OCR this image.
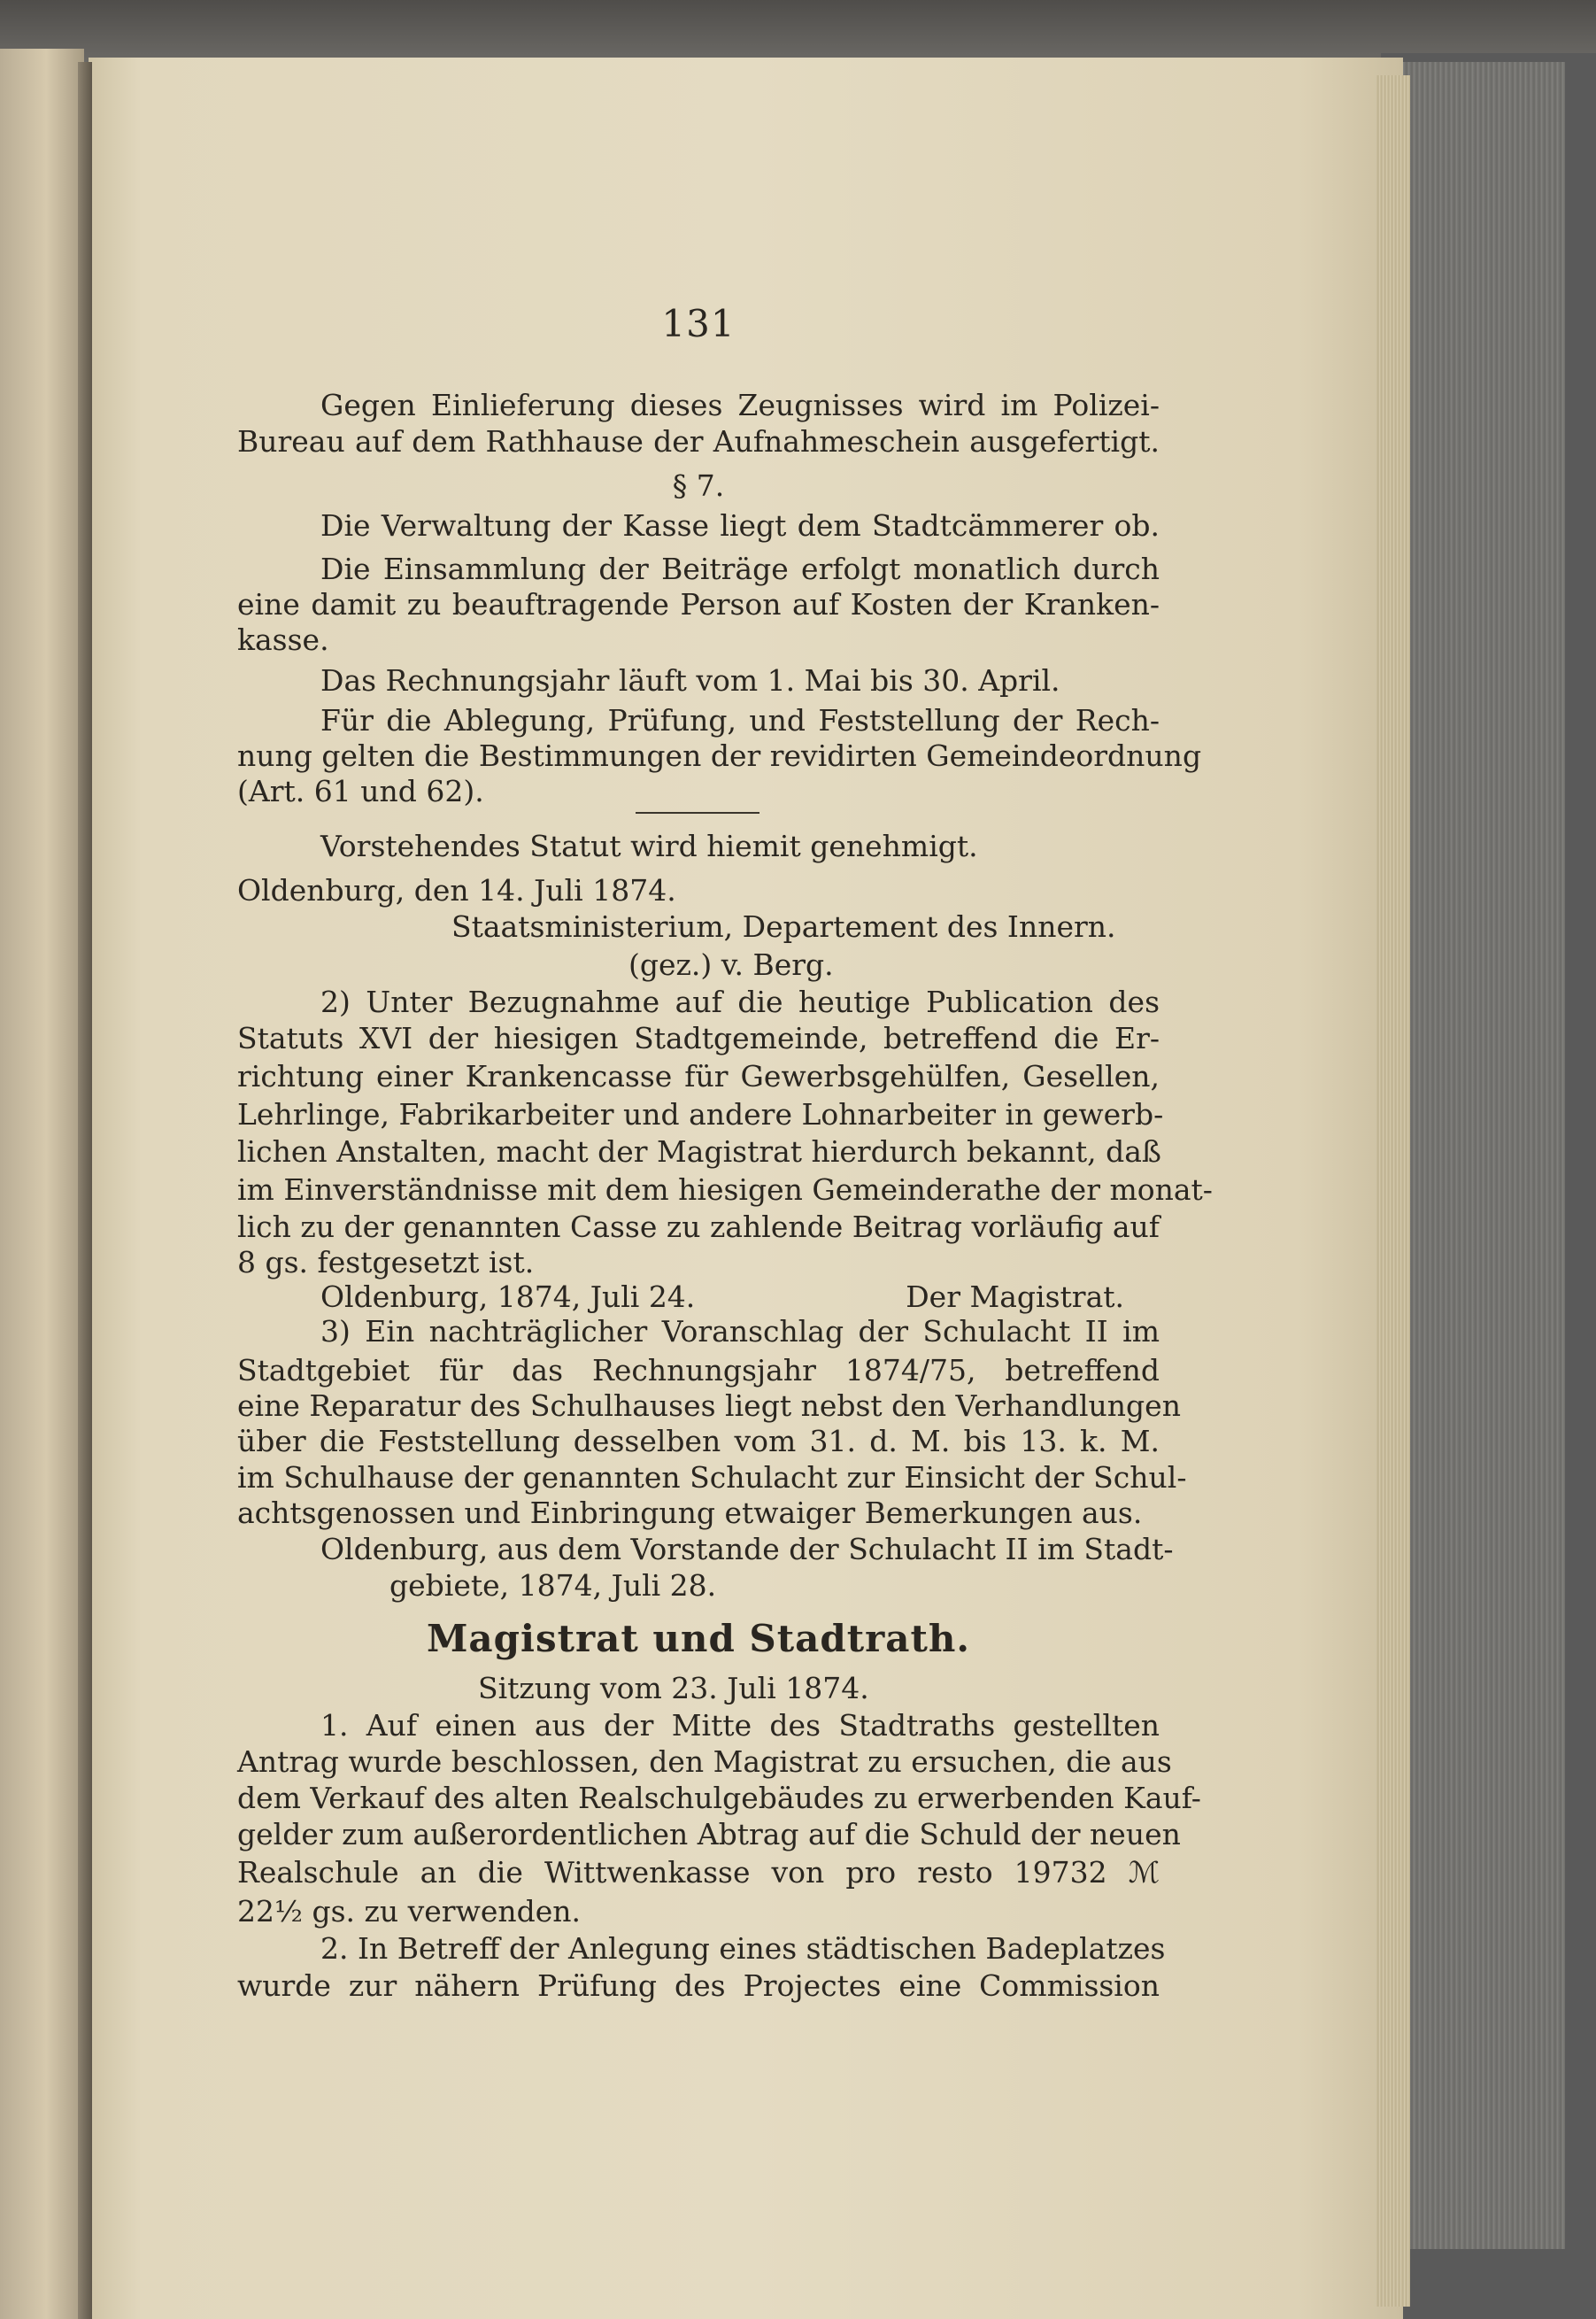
131
Gegen Einlieferung dieses Zeugnisses wird im Polizei-
Bureau auf dem Rathhause der Aufnahmeschein ausgefertigt.
§ 7.
Die Verwaltung der Kasse liegt dem Stadtcämmerer ob.
Die Einsammlung der Beiträge erfolgt monatlich durch
eine damit zu beauftragende Person auf Kosten der Kranken-
kasse.
Das Rechnungsjahr läuft vom 1. Mai bis 30. April.
Für die Ablegung, Prüfung, und Feststellung der Rech-
nung gelten die Bestimmungen der revidirten Gemeindeordnung
(Art. 61 und 62).
Vorstehendes Statut wird hiemit genehmigt.
Oldenburg, den 14. Juli 1874.
Staatsministerium, Departement des Innern.
(gez.) v. Berg.
2) Unter Bezugnahme auf die heutige Publication des
Statuts XVI der hiesigen Stadtgemeinde, betreffend die Er-
richtung einer Krankencasse für Gewerbsgehülfen, Gesellen,
Lehrlinge, Fabrikarbeiter und andere Lohnarbeiter in gewerb-
lichen Anstalten, macht der Magistrat hierdurch bekannt, daß
im Einverständnisse mit dem hiesigen Gemeinderathe der monat-
lich zu der genannten Casse zu zahlende Beitrag vorläufig auf
8 gs. festgesetzt ist.
Oldenburg, 1874, Juli 24.	Der Magistrat.
3) Ein nachträglicher Voranschlag der Schulacht II im
Stadtgebiet für das Rechnungsjahr 1874/75, betreffend
eine Reparatur des Schulhauses liegt nebst den Verhandlungen
über die Feststellung desselben vom 31. d. M. bis 13. k. M.
im Schulhause der genannten Schulacht zur Einsicht der Schul-
achtsgenossen und Einbringung etwaiger Bemerkungen aus.
Oldenburg, aus dem Vorstande der Schulacht II im Stadt-
gebiete, 1874, Juli 28.
Magistrat und Stadtrath.
Sitzung vom 23. Juli 1874.
1. Auf einen aus der Mitte des Stadtraths gestellten
Antrag wurde beschlossen, den Magistrat zu ersuchen, die aus
dem Verkauf des alten Realschulgebäudes zu erwerbenden Kauf-
gelder zum außerordentlichen Abtrag auf die Schuld der neuen
Realschule an die Wittwenkasse von pro resto 19732 ℳ
22½ gs. zu verwenden.
2. In Betreff der Anlegung eines städtischen Badeplatzes
wurde zur nähern Prüfung des Projectes eine Commission
